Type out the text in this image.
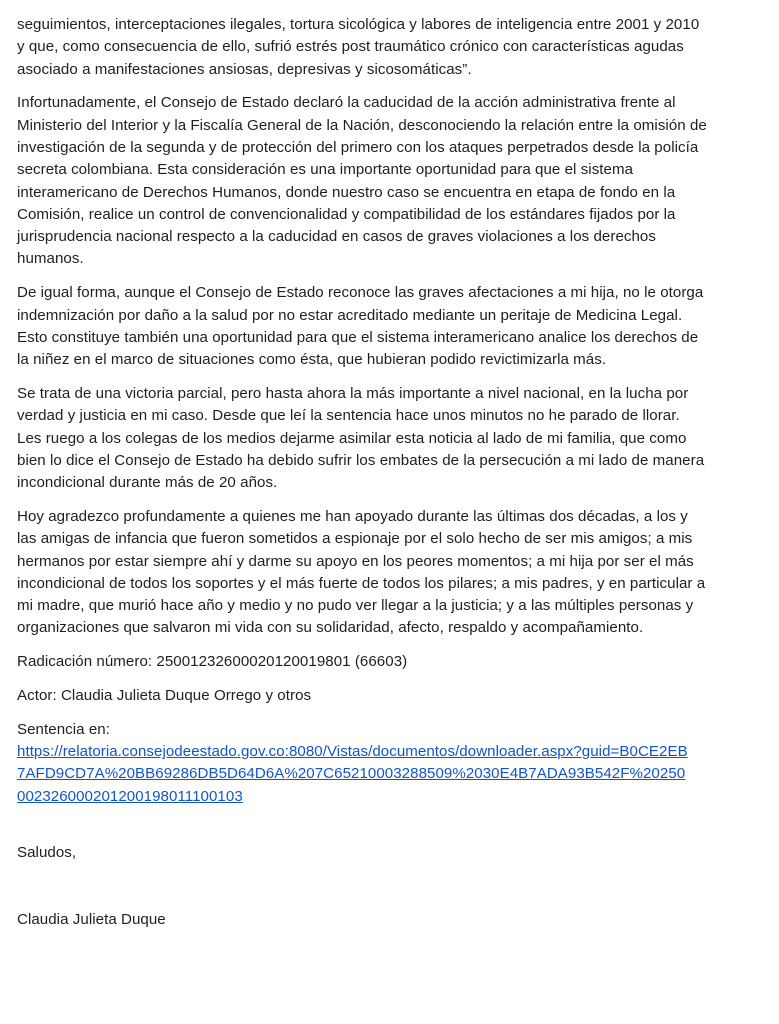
seguimientos, interceptaciones ilegales, tortura sicológica y labores de inteligencia entre 2001 y 2010 y que, como consecuencia de ello, sufrió estrés post traumático crónico con características agudas asociado a manifestaciones ansiosas, depresivas y sicosomáticas”.

Infortunadamente, el Consejo de Estado declaró la caducidad de la acción administrativa frente al Ministerio del Interior y la Fiscalía General de la Nación, desconociendo la relación entre la omisión de investigación de la segunda y de protección del primero con los ataques perpetrados desde la policía secreta colombiana. Esta consideración es una importante oportunidad para que el sistema interamericano de Derechos Humanos, donde nuestro caso se encuentra en etapa de fondo en la Comisión, realice un control de convencionalidad y compatibilidad de los estándares fijados por la jurisprudencia nacional respecto a la caducidad en casos de graves violaciones a los derechos humanos.

De igual forma, aunque el Consejo de Estado reconoce las graves afectaciones a mi hija, no le otorga indemnización por daño a la salud por no estar acreditado mediante un peritaje de Medicina Legal. Esto constituye también una oportunidad para que el sistema interamericano analice los derechos de la niñez en el marco de situaciones como ésta, que hubieran podido revictimizarla más.

Se trata de una victoria parcial, pero hasta ahora la más importante a nivel nacional, en la lucha por verdad y justicia en mi caso. Desde que leí la sentencia hace unos minutos no he parado de llorar. Les ruego a los colegas de los medios dejarme asimilar esta noticia al lado de mi familia, que como bien lo dice el Consejo de Estado ha debido sufrir los embates de la persecución a mi lado de manera incondicional durante más de 20 años.

Hoy agradezco profundamente a quienes me han apoyado durante las últimas dos décadas, a los y las amigas de infancia que fueron sometidos a espionaje por el solo hecho de ser mis amigos; a mis hermanos por estar siempre ahí y darme su apoyo en los peores momentos; a mi hija por ser el más incondicional de todos los soportes y el más fuerte de todos los pilares; a mis padres, y en particular a mi madre, que murió hace año y medio y no pudo ver llegar a la justicia; y a las múltiples personas y organizaciones que salvaron mi vida con su solidaridad, afecto, respaldo y acompañamiento.

Radicación número: 25001232600020120019801 (66603)

Actor: Claudia Julieta Duque Orrego y otros

Sentencia en:
https://relatoria.consejodeestado.gov.co:8080/Vistas/documentos/downloader.aspx?guid=B0CE2EB7AFD9CD7A%20BB69286DB5D64D6A%207C65210003288509%2030E4B7ADA93B542F%20250002326000201200198011100103

Saludos,

Claudia Julieta Duque
